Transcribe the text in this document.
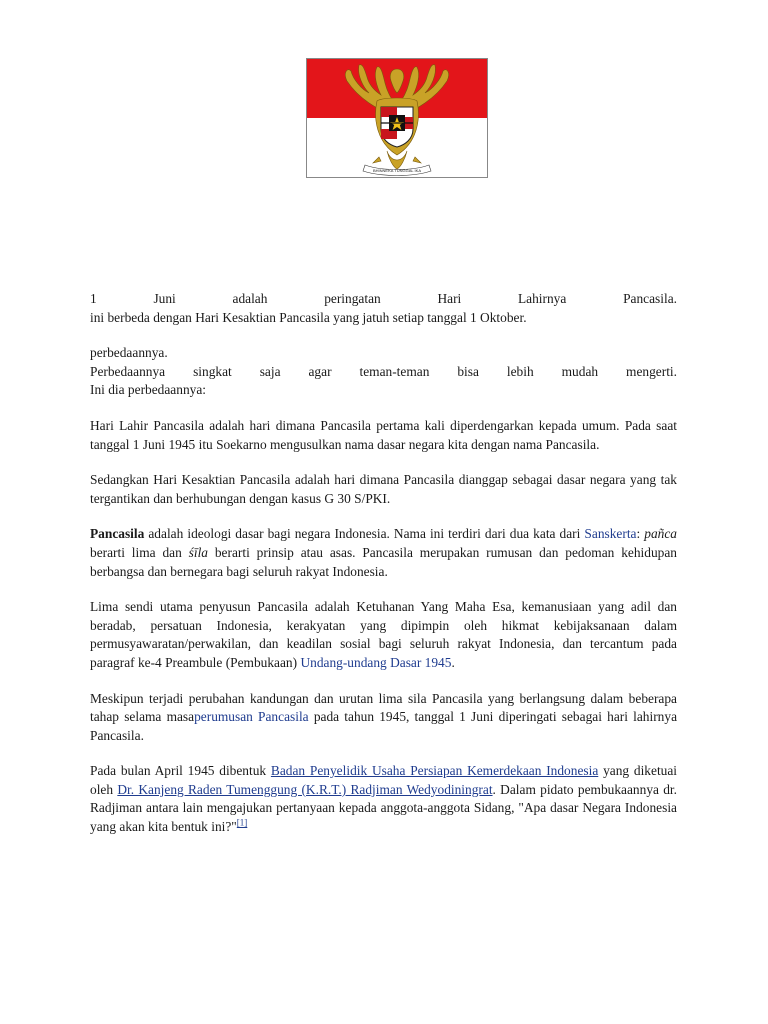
BHINNEKA TUNGGAL IKA

1 Juni adalah peringatan Hari Lahirnya Pancasila.
ini berbeda dengan Hari Kesaktian Pancasila yang jatuh setiap tanggal 1 Oktober.

perbedaannya.
Perbedaannya singkat saja agar teman-teman bisa lebih mudah mengerti.
Ini dia perbedaannya:

Hari Lahir Pancasila adalah hari dimana Pancasila pertama kali diperdengarkan kepada umum. Pada saat tanggal 1 Juni 1945 itu Soekarno mengusulkan nama dasar negara kita dengan nama Pancasila.

Sedangkan Hari Kesaktian Pancasila adalah hari dimana Pancasila dianggap sebagai dasar negara yang tak tergantikan dan berhubungan dengan kasus G 30 S/PKI.

Pancasila adalah ideologi dasar bagi negara Indonesia. Nama ini terdiri dari dua kata dari Sanskerta: pañca berarti lima dan śīla berarti prinsip atau asas. Pancasila merupakan rumusan dan pedoman kehidupan berbangsa dan bernegara bagi seluruh rakyat Indonesia.

Lima sendi utama penyusun Pancasila adalah Ketuhanan Yang Maha Esa, kemanusiaan yang adil dan beradab, persatuan Indonesia, kerakyatan yang dipimpin oleh hikmat kebijaksanaan dalam permusyawaratan/perwakilan, dan keadilan sosial bagi seluruh rakyat Indonesia, dan tercantum pada paragraf ke-4 Preambule (Pembukaan) Undang-undang Dasar 1945.

Meskipun terjadi perubahan kandungan dan urutan lima sila Pancasila yang berlangsung dalam beberapa tahap selama masaperumusan Pancasila pada tahun 1945, tanggal 1 Juni diperingati sebagai hari lahirnya Pancasila.

Pada bulan April 1945 dibentuk Badan Penyelidik Usaha Persiapan Kemerdekaan Indonesia yang diketuai oleh Dr. Kanjeng Raden Tumenggung (K.R.T.) Radjiman Wedyodiningrat. Dalam pidato pembukaannya dr. Radjiman antara lain mengajukan pertanyaan kepada anggota-anggota Sidang, "Apa dasar Negara Indonesia yang akan kita bentuk ini?"[1]
